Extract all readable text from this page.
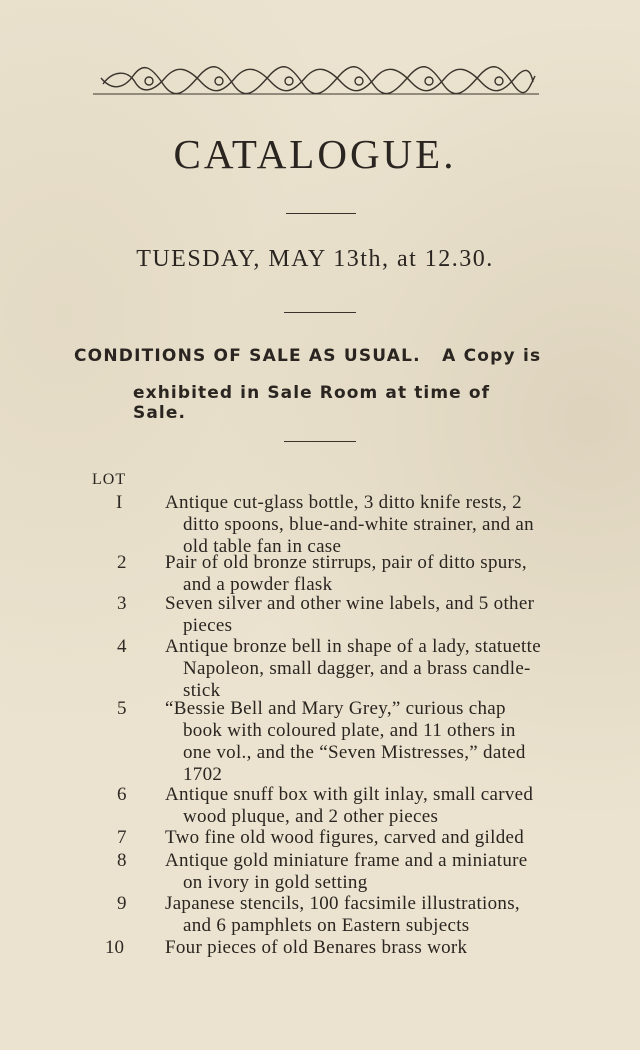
CATALOGUE.
TUESDAY, MAY 13th, at 12.30.
CONDITIONS OF SALE AS USUAL.   A Copy is
exhibited in Sale Room at time of Sale.
LOT
I Antique cut-glass bottle, 3 ditto knife rests, 2
ditto spoons, blue-and-white strainer, and an
old table fan in case
2 Pair of old bronze stirrups, pair of ditto spurs,
and a powder flask
3 Seven silver and other wine labels, and 5 other
pieces
4 Antique bronze bell in shape of a lady, statuette
Napoleon, small dagger, and a brass candle-
stick
5 “Bessie Bell and Mary Grey,” curious chap
book with coloured plate, and 11 others in
one vol., and the “Seven Mistresses,” dated
1702
6 Antique snuff box with gilt inlay, small carved
wood pluque, and 2 other pieces
7 Two fine old wood figures, carved and gilded
8 Antique gold miniature frame and a miniature
on ivory in gold setting
9 Japanese stencils, 100 facsimile illustrations,
and 6 pamphlets on Eastern subjects
10 Four pieces of old Benares brass work
